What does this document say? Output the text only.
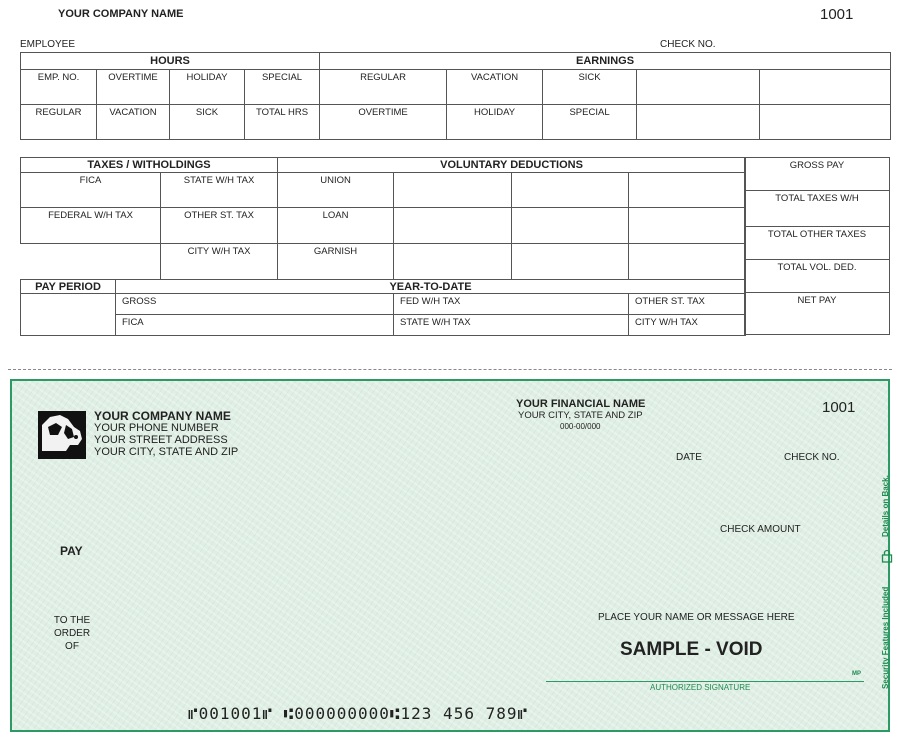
YOUR COMPANY NAME	1001
EMPLOYEE	CHECK NO.
HOURS				EARNINGS				
EMP. NO.	OVERTIME	HOLIDAY	SPECIAL	REGULAR	VACATION	SICK		
REGULAR	VACATION	SICK	TOTAL HRS	OVERTIME	HOLIDAY	SPECIAL		
TAXES / WITHOLDINGS			VOLUNTARY DEDUCTIONS			
FICA		STATE W/H TAX	UNION			
FEDERAL W/H TAX		OTHER ST. TAX	LOAN			
		CITY W/H TAX	GARNISH			
PAY PERIOD	YEAR-TO-DATE					
	GROSS			FED W/H TAX		OTHER ST. TAX
	FICA			STATE W/H TAX		CITY W/H TAX
GROSS PAY
TOTAL TAXES W/H
TOTAL OTHER TAXES
TOTAL VOL. DED.
NET PAY
YOUR COMPANY NAME
YOUR PHONE NUMBER
YOUR STREET ADDRESS
YOUR CITY, STATE AND ZIP
YOUR FINANCIAL NAME
YOUR CITY, STATE AND ZIP
000-00/000
1001
DATE	CHECK NO.
CHECK AMOUNT
PAY
TO THE
ORDER
OF
PLACE YOUR NAME OR MESSAGE HERE
SAMPLE - VOID
MP
AUTHORIZED SIGNATURE
⑈001001⑈ ⑆000000000⑆123 456 789⑈
Details on Back.
Security Features Included
